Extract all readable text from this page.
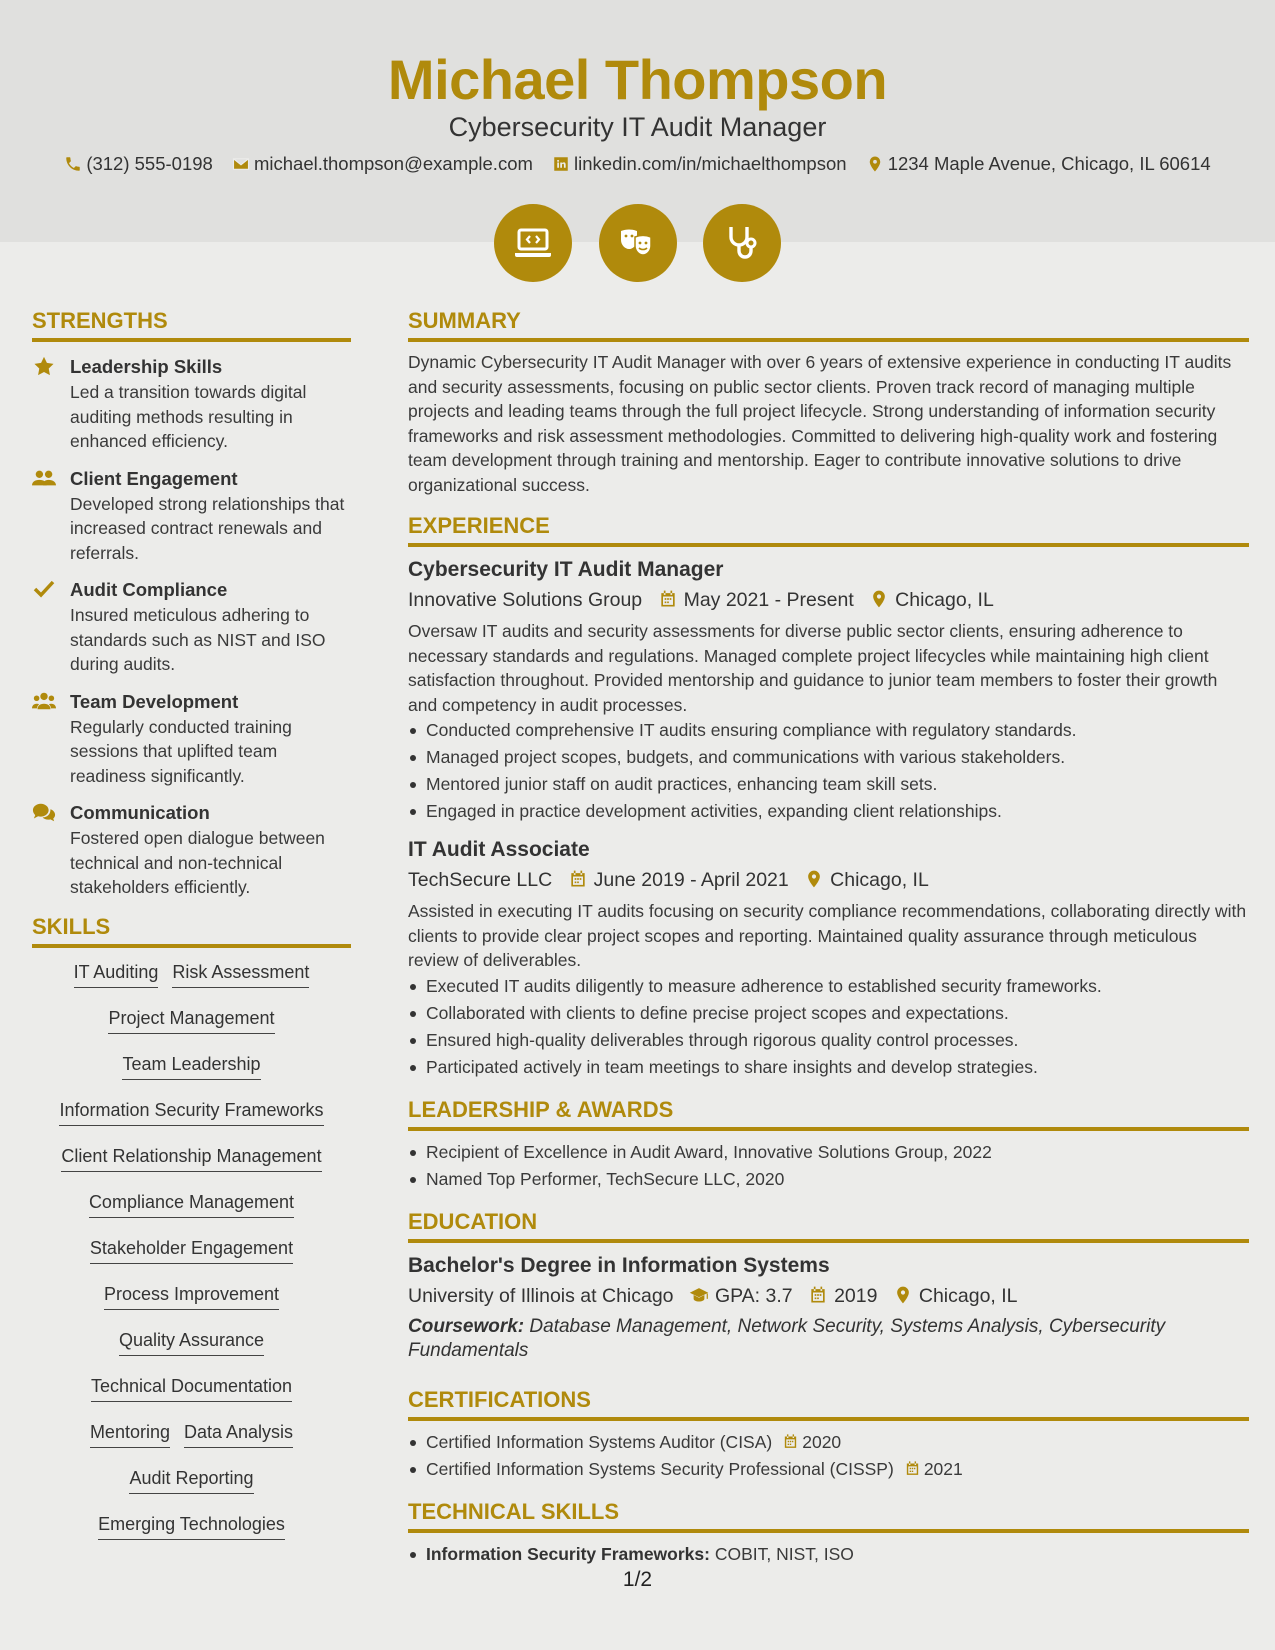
Michael Thompson
Cybersecurity IT Audit Manager
(312) 555-0198 michael.thompson@example.com linkedin.com/in/michaelthompson 1234 Maple Avenue, Chicago, IL 60614

STRENGTHS
Leadership Skills
Led a transition towards digital auditing methods resulting in enhanced efficiency.
Client Engagement
Developed strong relationships that increased contract renewals and referrals.
Audit Compliance
Insured meticulous adhering to standards such as NIST and ISO during audits.
Team Development
Regularly conducted training sessions that uplifted team readiness significantly.
Communication
Fostered open dialogue between technical and non-technical stakeholders efficiently.
SKILLS
IT Auditing Risk Assessment
Project Management
Team Leadership
Information Security Frameworks
Client Relationship Management
Compliance Management
Stakeholder Engagement
Process Improvement
Quality Assurance
Technical Documentation
Mentoring Data Analysis
Audit Reporting
Emerging Technologies
SUMMARY
Dynamic Cybersecurity IT Audit Manager with over 6 years of extensive experience in conducting IT audits and security assessments, focusing on public sector clients. Proven track record of managing multiple projects and leading teams through the full project lifecycle. Strong understanding of information security frameworks and risk assessment methodologies. Committed to delivering high-quality work and fostering team development through training and mentorship. Eager to contribute innovative solutions to drive organizational success.
EXPERIENCE
Cybersecurity IT Audit Manager
Innovative Solutions Group May 2021 - Present Chicago, IL
Oversaw IT audits and security assessments for diverse public sector clients, ensuring adherence to necessary standards and regulations. Managed complete project lifecycles while maintaining high client satisfaction throughout. Provided mentorship and guidance to junior team members to foster their growth and competency in audit processes.
Conducted comprehensive IT audits ensuring compliance with regulatory standards.
Managed project scopes, budgets, and communications with various stakeholders.
Mentored junior staff on audit practices, enhancing team skill sets.
Engaged in practice development activities, expanding client relationships.
IT Audit Associate
TechSecure LLC June 2019 - April 2021 Chicago, IL
Assisted in executing IT audits focusing on security compliance recommendations, collaborating directly with clients to provide clear project scopes and reporting. Maintained quality assurance through meticulous review of deliverables.
Executed IT audits diligently to measure adherence to established security frameworks.
Collaborated with clients to define precise project scopes and expectations.
Ensured high-quality deliverables through rigorous quality control processes.
Participated actively in team meetings to share insights and develop strategies.
LEADERSHIP & AWARDS
Recipient of Excellence in Audit Award, Innovative Solutions Group, 2022
Named Top Performer, TechSecure LLC, 2020
EDUCATION
Bachelor's Degree in Information Systems
University of Illinois at Chicago GPA: 3.7 2019 Chicago, IL
Coursework: Database Management, Network Security, Systems Analysis, Cybersecurity Fundamentals
CERTIFICATIONS
Certified Information Systems Auditor (CISA) 2020
Certified Information Systems Security Professional (CISSP) 2021
TECHNICAL SKILLS
Information Security Frameworks: COBIT, NIST, ISO
1/2
